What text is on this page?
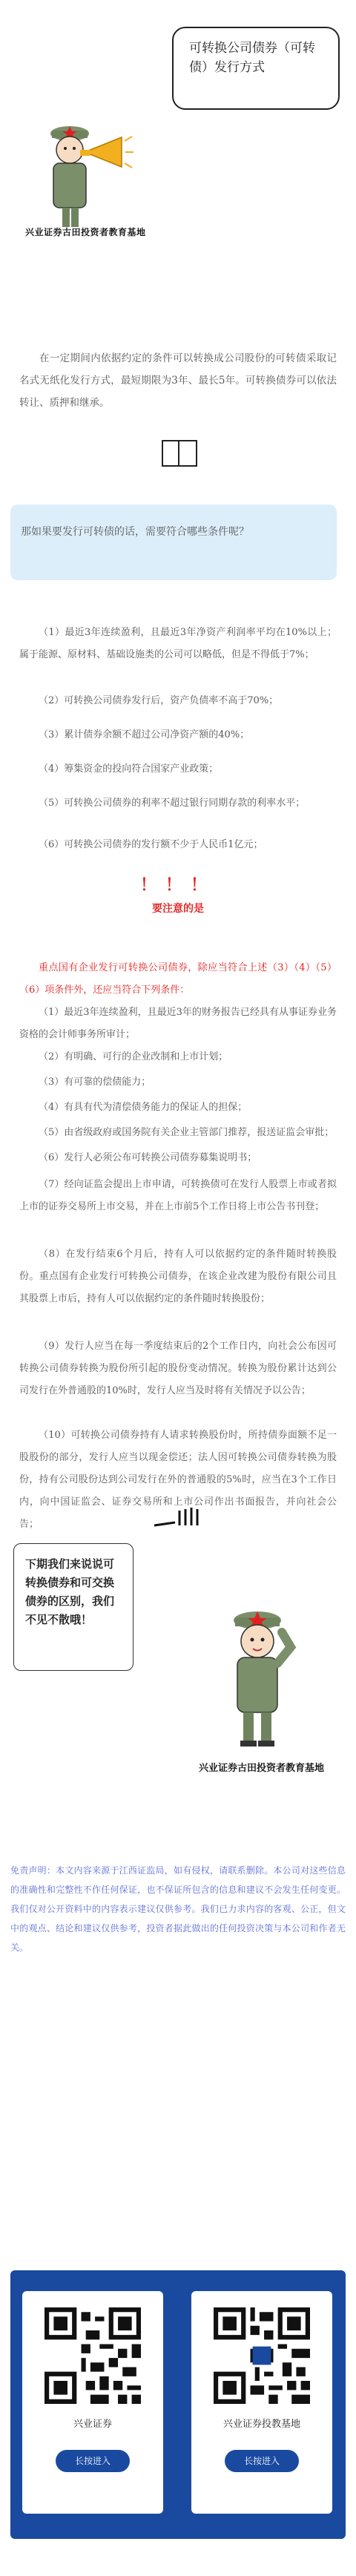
可转换公司债券（可转债）发行方式
兴业证券古田投资者教育基地
在一定期间内依据约定的条件可以转换成公司股份的可转债采取记名式无纸化发行方式，最短期限为3年、最长5年。可转换债券可以依法转让、质押和继承。
那如果要发行可转债的话，需要符合哪些条件呢？
（1）最近3年连续盈利，且最近3年净资产利润率平均在10%以上；属于能源、原材料、基础设施类的公司可以略低，但是不得低于7%；
（2）可转换公司债券发行后，资产负债率不高于70%；
（3）累计债券余额不超过公司净资产额的40%；
（4）筹集资金的投向符合国家产业政策；
（5）可转换公司债券的利率不超过银行同期存款的利率水平；
（6）可转换公司债券的发行额不少于人民币1亿元；
！！！
要注意的是
重点国有企业发行可转换公司债券，除应当符合上述（3）（4）（5）（6）项条件外，还应当符合下列条件：
（1）最近3年连续盈利，且最近3年的财务报告已经具有从事证券业务资格的会计师事务所审计；
（2）有明确、可行的企业改制和上市计划；
（3）有可靠的偿债能力；
（4）有具有代为清偿债务能力的保证人的担保；
（5）由省级政府或国务院有关企业主管部门推荐，报送证监会审批；
（6）发行人必须公布可转换公司债券募集说明书；
（7）经向证监会提出上市申请，可转换债可在发行人股票上市或者拟上市的证券交易所上市交易，并在上市前5个工作日将上市公告书刊登；
（8）在发行结束6个月后，持有人可以依据约定的条件随时转换股份。重点国有企业发行可转换公司债券，在该企业改建为股份有限公司且其股票上市后，持有人可以依据约定的条件随时转换股份；
（9）发行人应当在每一季度结束后的2个工作日内，向社会公布因可转换公司债券转换为股份所引起的股份变动情况。转换为股份累计达到公司发行在外普通股的10%时，发行人应当及时将有关情况予以公告；
（10）可转换公司债券持有人请求转换股份时，所持债券面额不足一股股份的部分，发行人应当以现金偿还；法人因可转换公司债券转换为股份，持有公司股份达到公司发行在外的普通股的5%时，应当在3个工作日内，向中国证监会、证券交易所和上市公司作出书面报告，并向社会公告；
下期我们来说说可转换债券和可交换债券的区别，我们不见不散哦！
兴业证券古田投资者教育基地
免责声明：本文内容来源于江西证监局，如有侵权，请联系删除。本公司对这些信息的准确性和完整性不作任何保证，也不保证所包含的信息和建议不会发生任何变更。我们仅对公开资料中的内容表示建议仅供参考。我们已力求内容的客观、公正，但文中的观点、结论和建议仅供参考，投资者据此做出的任何投资决策与本公司和作者无关。
兴业证券
长按进入
兴业证券投教基地
长按进入
